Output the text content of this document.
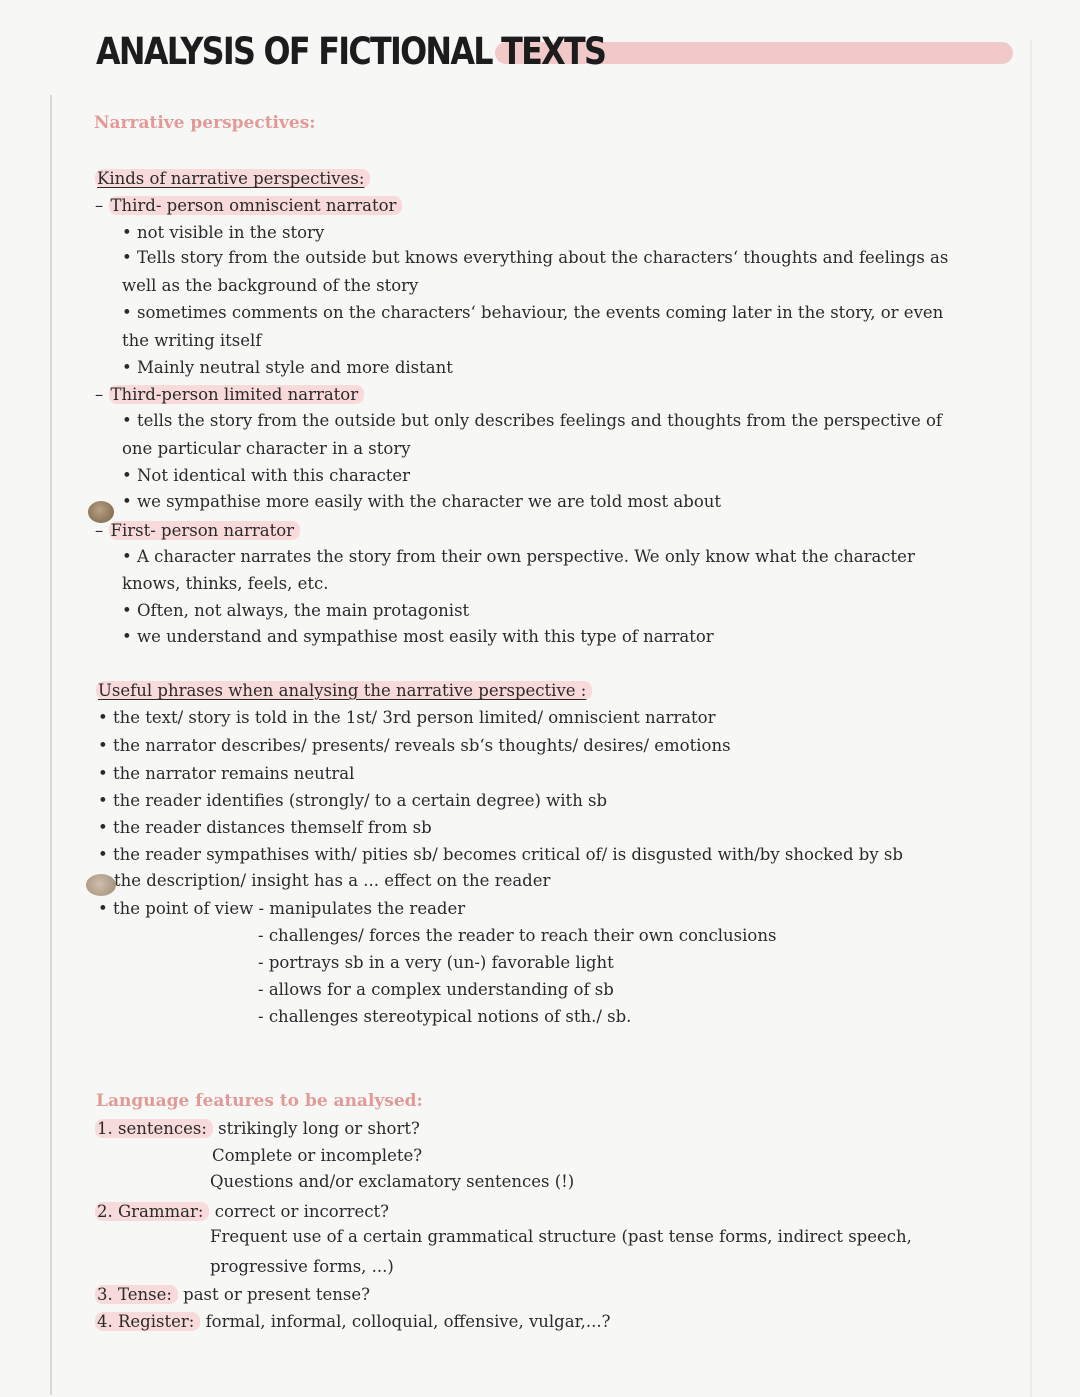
ANALYSIS OF FICTIONAL TEXTS
Narrative perspectives:
Kinds of narrative perspectives:
– Third- person omniscient narrator
• not visible in the story
• Tells story from the outside but knows everything about the characters‘ thoughts and feelings as
well as the background of the story
• sometimes comments on the characters‘ behaviour, the events coming later in the story, or even
the writing itself
• Mainly neutral style and more distant
– Third-person limited narrator
• tells the story from the outside but only describes feelings and thoughts from the perspective of
one particular character in a story
• Not identical with this character
• we sympathise more easily with the character we are told most about
– First- person narrator
• A character narrates the story from their own perspective. We only know what the character
knows, thinks, feels, etc.
• Often, not always, the main protagonist
• we understand and sympathise most easily with this type of narrator
Useful phrases when analysing the narrative perspective :
• the text/ story is told in the 1st/ 3rd person limited/ omniscient narrator
• the narrator describes/ presents/ reveals sb‘s thoughts/ desires/ emotions
• the narrator remains neutral
• the reader identifies (strongly/ to a certain degree) with sb
• the reader distances themself from sb
• the reader sympathises with/ pities sb/ becomes critical of/ is disgusted with/by shocked by sb
the description/ insight has a ... effect on the reader
• the point of view - manipulates the reader
- challenges/ forces the reader to reach their own conclusions
- portrays sb in a very (un-) favorable light
- allows for a complex understanding of sb
- challenges stereotypical notions of sth./ sb.
Language features to be analysed:
1. sentences: strikingly long or short?
Complete or incomplete?
Questions and/or exclamatory sentences (!)
2. Grammar: correct or incorrect?
Frequent use of a certain grammatical structure (past tense forms, indirect speech,
progressive forms, ...)
3. Tense: past or present tense?
4. Register: formal, informal, colloquial, offensive, vulgar,...?
